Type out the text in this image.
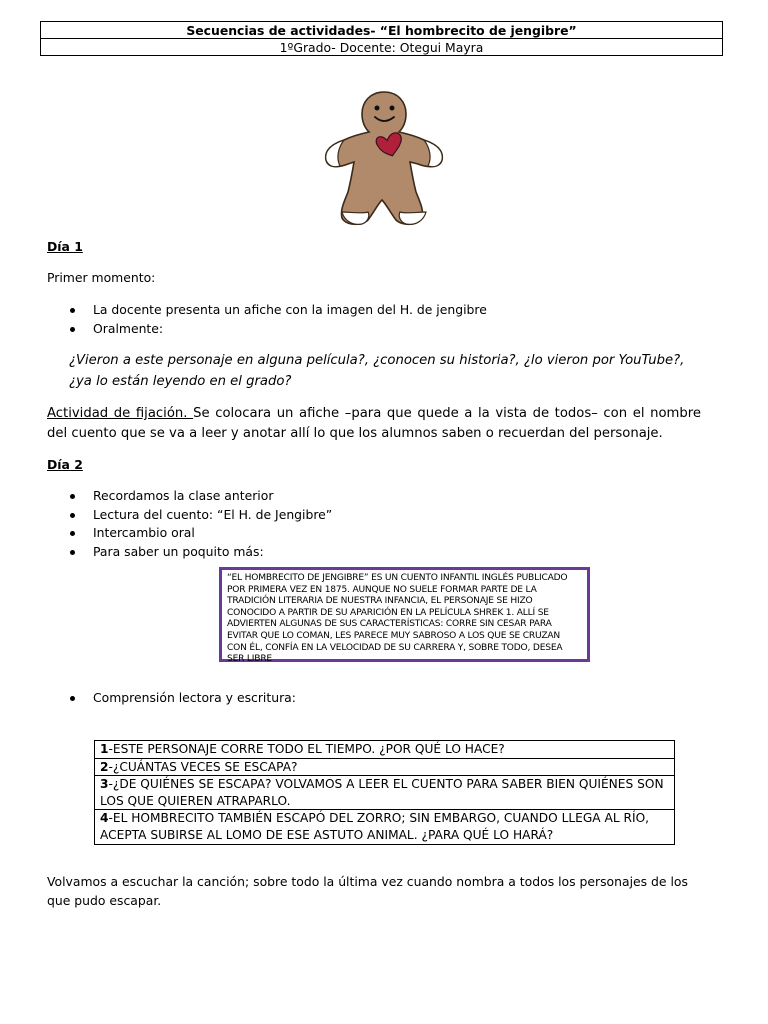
Secuencias de actividades- “El hombrecito de jengibre”
1ºGrado- Docente: Otegui Mayra
Día 1
Primer momento:
La docente presenta un afiche con la imagen del H. de jengibre
Oralmente:
¿Vieron a este personaje en alguna película?, ¿conocen su historia?, ¿lo vieron por YouTube?, ¿ya lo están leyendo en el grado?
Actividad de fijación. Se colocara un afiche –para que quede a la vista de todos– con el nombre del cuento que se va a leer y anotar allí lo que los alumnos saben o recuerdan del personaje.
Día 2
Recordamos la clase anterior
Lectura del cuento: “El H. de Jengibre”
Intercambio oral
Para saber un poquito más:
“EL HOMBRECITO DE JENGIBRE” ES UN CUENTO INFANTIL INGLÉS PUBLICADO POR PRIMERA VEZ EN 1875. AUNQUE NO SUELE FORMAR PARTE DE LA TRADICIÓN LITERARIA DE NUESTRA INFANCIA, EL PERSONAJE SE HIZO CONOCIDO A PARTIR DE SU APARICIÓN EN LA PELÍCULA SHREK 1. ALLÍ SE ADVIERTEN ALGUNAS DE SUS CARACTERÍSTICAS: CORRE SIN CESAR PARA EVITAR QUE LO COMAN, LES PARECE MUY SABROSO A LOS QUE SE CRUZAN CON ÉL, CONFÍA EN LA VELOCIDAD DE SU CARRERA Y, SOBRE TODO, DESEA SER LIBRE
Comprensión lectora y escritura:
1-ESTE PERSONAJE CORRE TODO EL TIEMPO. ¿POR QUÉ LO HACE?
2-¿CUÁNTAS VECES SE ESCAPA?
3-¿DE QUIÉNES SE ESCAPA? VOLVAMOS A LEER EL CUENTO PARA SABER BIEN QUIÉNES SON LOS QUE QUIEREN ATRAPARLO.
4-EL HOMBRECITO TAMBIÉN ESCAPÓ DEL ZORRO; SIN EMBARGO, CUANDO LLEGA AL RÍO, ACEPTA SUBIRSE AL LOMO DE ESE ASTUTO ANIMAL. ¿PARA QUÉ LO HARÁ?
Volvamos a escuchar la canción; sobre todo la última vez cuando nombra a todos los personajes de los que pudo escapar.
